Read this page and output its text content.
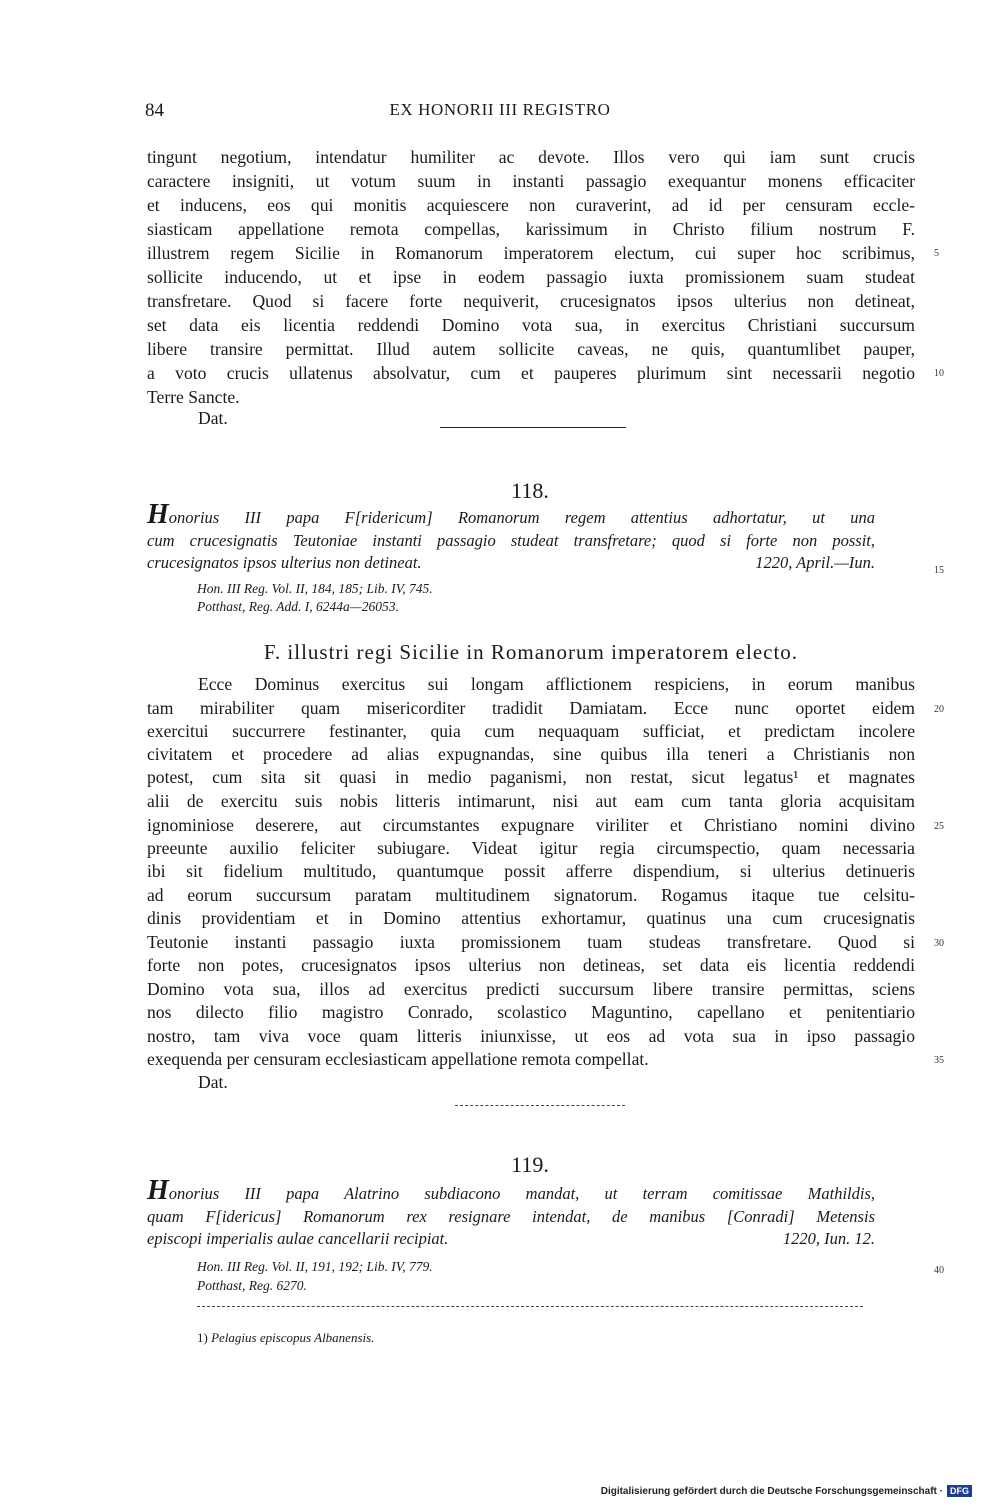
84	EX HONORII III REGISTRO
tingunt negotium, intendatur humiliter ac devote. Illos vero qui iam sunt crucis
caractere insigniti, ut votum suum in instanti passagio exequantur monens efficaciter
et inducens, eos qui monitis acquiescere non curaverint, ad id per censuram eccle-
siasticam appellatione remota compellas, karissimum in Christo filium nostrum F.
illustrem regem Sicilie in Romanorum imperatorem electum, cui super hoc scribimus,
sollicite inducendo, ut et ipse in eodem passagio iuxta promissionem suam studeat
transfretare. Quod si facere forte nequiverit, crucesignatos ipsos ulterius non detineat,
set data eis licentia reddendi Domino vota sua, in exercitus Christiani succursum
libere transire permittat. Illud autem sollicite caveas, ne quis, quantumlibet pauper,
a voto crucis ullatenus absolvatur, cum et pauperes plurimum sint necessarii negotio
Terre Sancte.
5
10
Dat.
118.
Honorius III papa F[ridericum] Romanorum regem attentius adhortatur, ut una
cum crucesignatis Teutoniae instanti passagio studeat transfretare; quod si forte non possit,
crucesignatos ipsos ulterius non detineat.	1220, April.—Iun.	15
Hon. III Reg. Vol. II, 184, 185; Lib. IV, 745.
Potthast, Reg. Add. I, 6244a—26053.
F. illustri regi Sicilie in Romanorum imperatorem electo.
Ecce Dominus exercitus sui longam afflictionem respiciens, in eorum manibus
tam mirabiliter quam misericorditer tradidit Damiatam. Ecce nunc oportet eidem
exercitui succurrere festinanter, quia cum nequaquam sufficiat, et predictam incolere
civitatem et procedere ad alias expugnandas, sine quibus illa teneri a Christianis non
potest, cum sita sit quasi in medio paganismi, non restat, sicut legatus¹ et magnates
alii de exercitu suis nobis litteris intimarunt, nisi aut eam cum tanta gloria acquisitam
ignominiose deserere, aut circumstantes expugnare viriliter et Christiano nomini divino
preeunte auxilio feliciter subiugare. Videat igitur regia circumspectio, quam necessaria
ibi sit fidelium multitudo, quantumque possit afferre dispendium, si ulterius detinueris
ad eorum succursum paratam multitudinem signatorum. Rogamus itaque tue celsitu-
dinis providentiam et in Domino attentius exhortamur, quatinus una cum crucesignatis
Teutonie instanti passagio iuxta promissionem tuam studeas transfretare. Quod si
forte non potes, crucesignatos ipsos ulterius non detineas, set data eis licentia reddendi
Domino vota sua, illos ad exercitus predicti succursum libere transire permittas, sciens
nos dilecto filio magistro Conrado, scolastico Maguntino, capellano et penitentiario
nostro, tam viva voce quam litteris iniunxisse, ut eos ad vota sua in ipso passagio
exequenda per censuram ecclesiasticam appellatione remota compellat.
20
25
30
35
Dat.
119.
Honorius III papa Alatrino subdiacono mandat, ut terram comitissae Mathildis,
quam F[idericus] Romanorum rex resignare intendat, de manibus [Conradi] Metensis
episcopi imperialis aulae cancellarii recipiat.	1220, Iun. 12.
40
Hon. III Reg. Vol. II, 191, 192; Lib. IV, 779.
Potthast, Reg. 6270.
1) Pelagius episcopus Albanensis.
Digitalisierung gefördert durch die Deutsche Forschungsgemeinschaft · DFG
